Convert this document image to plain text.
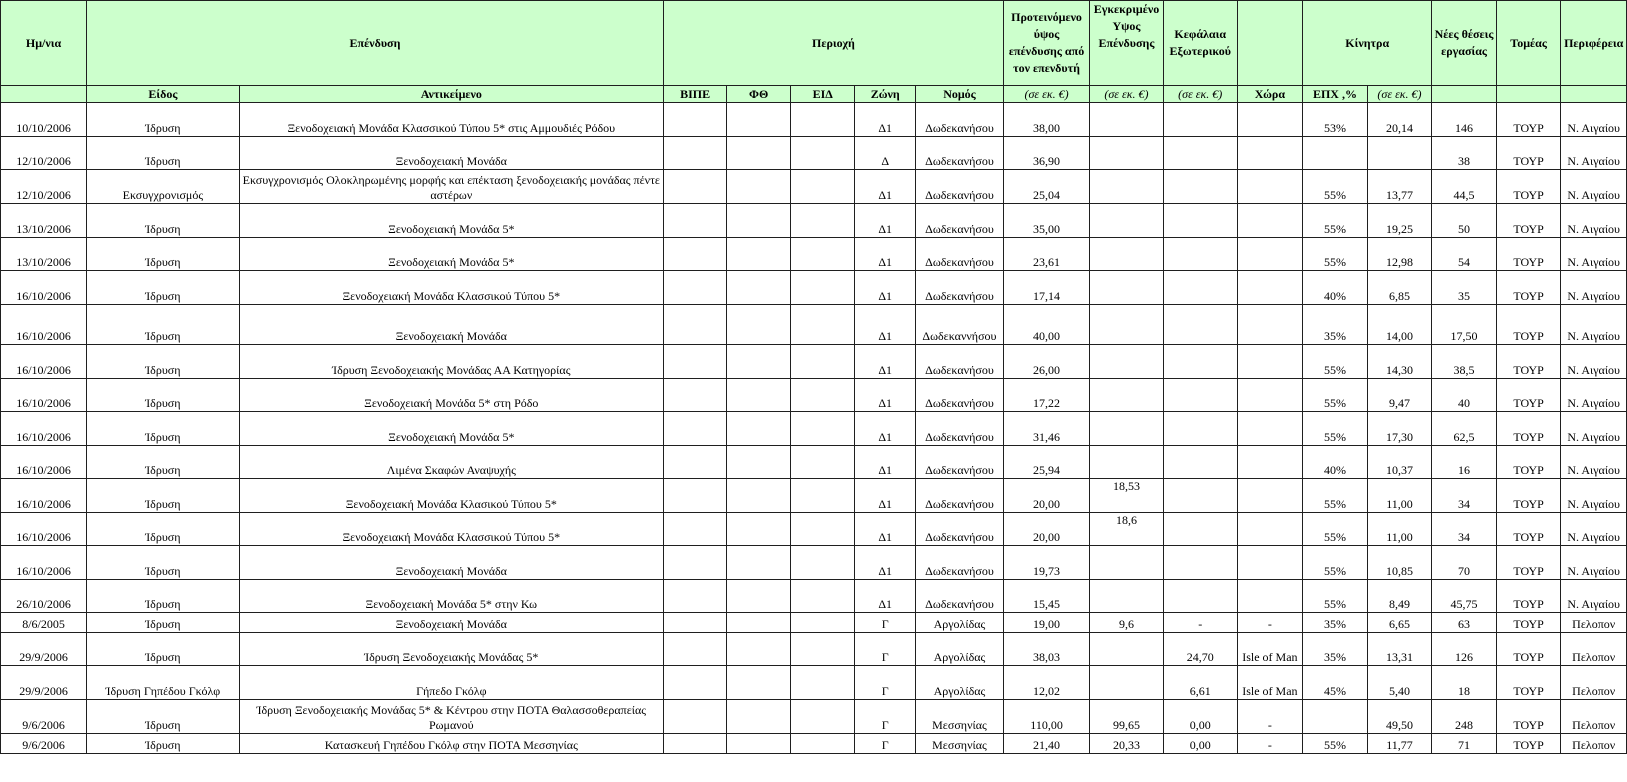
Ημ/νια	Επένδυση		Περιοχή					Προτεινόμενο ύψος επένδυσης από τον επενδυτή	Εγκεκριμένο Υψος Επένδυσης	Κεφάλαια Εξωτερικού		Κίνητρα		Νέες θέσεις εργασίας	Τομέας	Περιφέρεια
	Είδος	Αντικείμενο	ΒΙΠΕ	ΦΘ	ΕΙΔ	Ζώνη	Νομός	(σε εκ. €)	(σε εκ. €)	(σε εκ. €)	Χώρα	ΕΠΧ ,%	(σε εκ. €)			
10/10/2006	Ίδρυση	Ξενοδοχειακή Μονάδα Κλασσικού Τύπου 5* στις Αμμουδιές Ρόδου				Δ1	Δωδεκανήσου	38,00				53%	20,14	146	ΤΟΥΡ	Ν. Αιγαίου
12/10/2006	Ίδρυση	Ξενοδοχειακή Μονάδα				Δ	Δωδεκανήσου	36,90						38	ΤΟΥΡ	Ν. Αιγαίου
12/10/2006	Εκσυγχρονισμός	Εκσυγχρονισμός Ολοκληρωμένης μορφής και επέκταση ξενοδοχειακής μονάδας πέντε αστέρων				Δ1	Δωδεκανήσου	25,04				55%	13,77	44,5	ΤΟΥΡ	Ν. Αιγαίου
13/10/2006	Ίδρυση	Ξενοδοχειακή Μονάδα 5*				Δ1	Δωδεκανήσου	35,00				55%	19,25	50	ΤΟΥΡ	Ν. Αιγαίου
13/10/2006	Ίδρυση	Ξενοδοχειακή Μονάδα 5*				Δ1	Δωδεκανήσου	23,61				55%	12,98	54	ΤΟΥΡ	Ν. Αιγαίου
16/10/2006	Ίδρυση	Ξενοδοχειακή Μονάδα Κλασσικού Τύπου 5*				Δ1	Δωδεκανήσου	17,14				40%	6,85	35	ΤΟΥΡ	Ν. Αιγαίου
16/10/2006	Ίδρυση	Ξενοδοχειακή Μονάδα				Δ1	Δωδεκαννήσου	40,00				35%	14,00	17,50	ΤΟΥΡ	Ν. Αιγαίου
16/10/2006	Ίδρυση	Ίδρυση Ξενοδοχειακής Μονάδας ΑΑ Κατηγορίας				Δ1	Δωδεκανήσου	26,00				55%	14,30	38,5	ΤΟΥΡ	Ν. Αιγαίου
16/10/2006	Ίδρυση	Ξενοδοχειακή Μονάδα 5* στη Ρόδο				Δ1	Δωδεκανήσου	17,22				55%	9,47	40	ΤΟΥΡ	Ν. Αιγαίου
16/10/2006	Ίδρυση	Ξενοδοχειακή Μονάδα 5*				Δ1	Δωδεκανήσου	31,46				55%	17,30	62,5	ΤΟΥΡ	Ν. Αιγαίου
16/10/2006	Ίδρυση	Λιμένα Σκαφών Αναψυχής				Δ1	Δωδεκανήσου	25,94				40%	10,37	16	ΤΟΥΡ	Ν. Αιγαίου
16/10/2006	Ίδρυση	Ξενοδοχειακή Μονάδα Κλασικού Τύπου 5*				Δ1	Δωδεκανήσου	20,00	18,53			55%	11,00	34	ΤΟΥΡ	Ν. Αιγαίου
16/10/2006	Ίδρυση	Ξενοδοχειακή Μονάδα Κλασσικού Τύπου 5*				Δ1	Δωδεκανήσου	20,00	18,6			55%	11,00	34	ΤΟΥΡ	Ν. Αιγαίου
16/10/2006	Ίδρυση	Ξενοδοχειακή Μονάδα				Δ1	Δωδεκανήσου	19,73				55%	10,85	70	ΤΟΥΡ	Ν. Αιγαίου
26/10/2006	Ίδρυση	Ξενοδοχειακή Μονάδα 5* στην Κω				Δ1	Δωδεκανήσου	15,45				55%	8,49	45,75	ΤΟΥΡ	Ν. Αιγαίου
8/6/2005	Ίδρυση	Ξενοδοχειακή Μονάδα				Γ	Αργολίδας	19,00	9,6	-	-	35%	6,65	63	ΤΟΥΡ	Πελοπον
29/9/2006	Ίδρυση	Ίδρυση Ξενοδοχειακής Μονάδας 5*				Γ	Αργολίδας	38,03		24,70	Isle of Man	35%	13,31	126	ΤΟΥΡ	Πελοπον
29/9/2006	Ίδρυση Γηπέδου Γκόλφ	Γήπεδο Γκόλφ				Γ	Αργολίδας	12,02		6,61	Isle of Man	45%	5,40	18	ΤΟΥΡ	Πελοπον
9/6/2006	Ίδρυση	Ίδρυση Ξενοδοχειακής Μονάδας 5* & Κέντρου στην ΠΟΤΑ Θαλασσοθεραπείας Ρωμανού				Γ	Μεσσηνίας	110,00	99,65	0,00	-		49,50	248	ΤΟΥΡ	Πελοπον
9/6/2006	Ίδρυση	Κατασκευή Γηπέδου Γκόλφ στην ΠΟΤΑ Μεσσηνίας				Γ	Μεσσηνίας	21,40	20,33	0,00	-	55%	11,77	71	ΤΟΥΡ	Πελοπον
